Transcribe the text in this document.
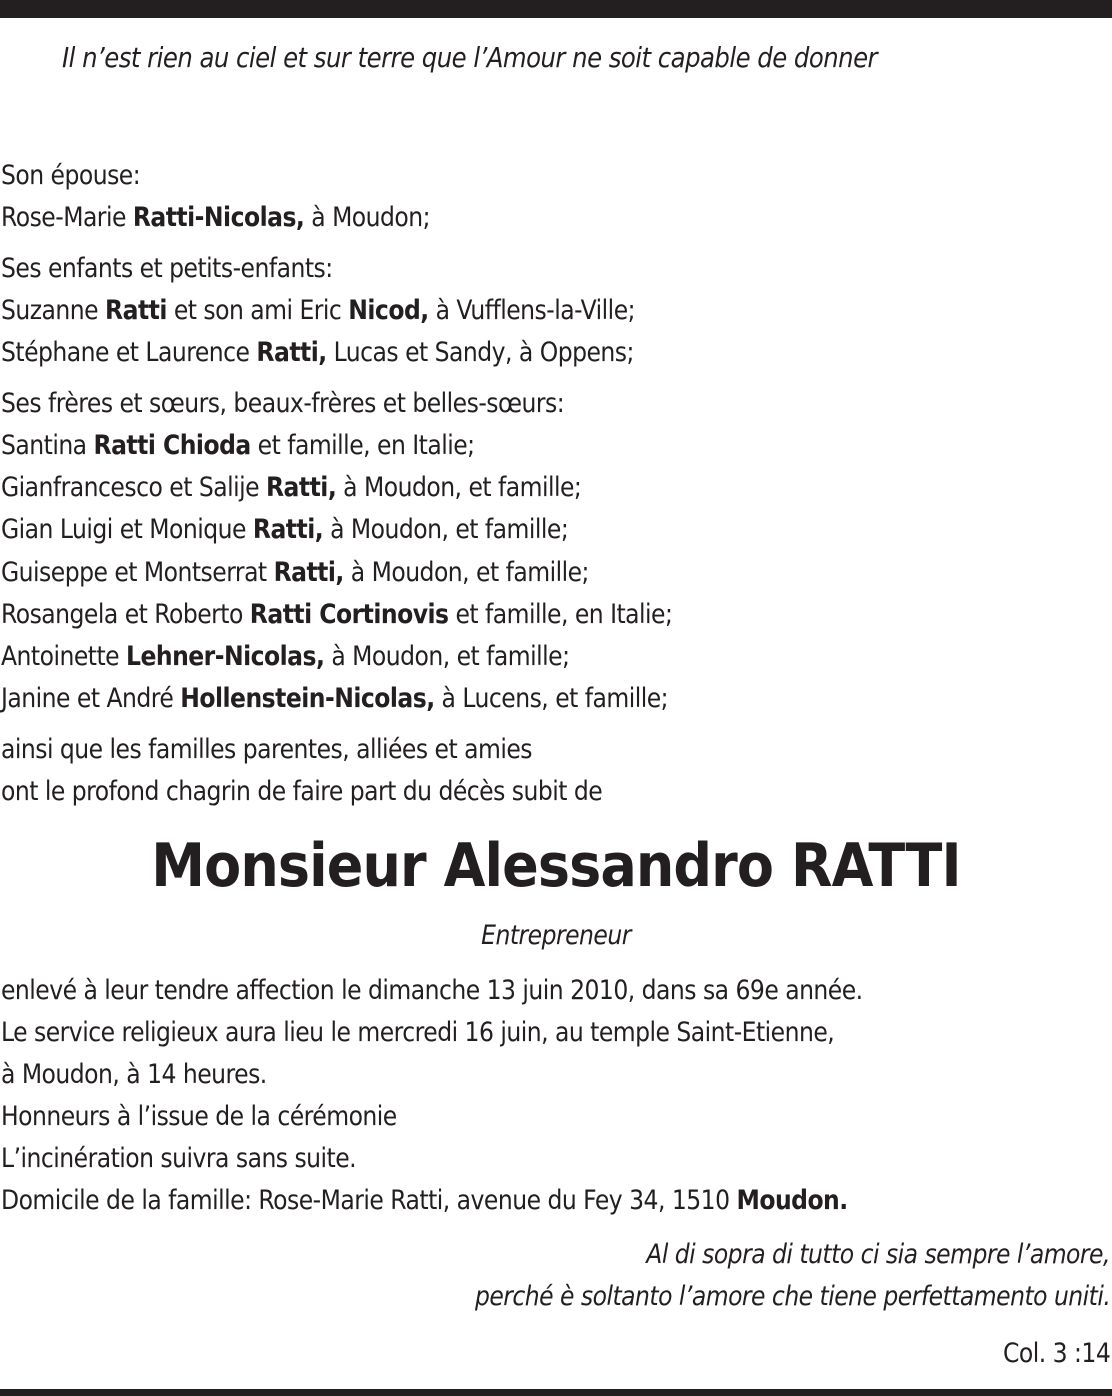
Il n’est rien au ciel et sur terre que l’Amour ne soit capable de donner
Son épouse:
Rose-Marie Ratti-Nicolas, à Moudon;
Ses enfants et petits-enfants:
Suzanne Ratti et son ami Eric Nicod, à Vufflens-la-Ville;
Stéphane et Laurence Ratti, Lucas et Sandy, à Oppens;
Ses frères et sœurs, beaux-frères et belles-sœurs:
Santina Ratti Chioda et famille, en Italie;
Gianfrancesco et Salije Ratti, à Moudon, et famille;
Gian Luigi et Monique Ratti, à Moudon, et famille;
Guiseppe et Montserrat Ratti, à Moudon, et famille;
Rosangela et Roberto Ratti Cortinovis et famille, en Italie;
Antoinette Lehner-Nicolas, à Moudon, et famille;
Janine et André Hollenstein-Nicolas, à Lucens, et famille;
ainsi que les familles parentes, alliées et amies
ont le profond chagrin de faire part du décès subit de
Monsieur Alessandro RATTI
Entrepreneur
enlevé à leur tendre affection le dimanche 13 juin 2010, dans sa 69e année.
Le service religieux aura lieu le mercredi 16 juin, au temple Saint-Etienne,
à Moudon, à 14 heures.
Honneurs à l’issue de la cérémonie
L’incinération suivra sans suite.
Domicile de la famille: Rose-Marie Ratti, avenue du Fey 34, 1510 Moudon.
Al di sopra di tutto ci sia sempre l’amore,
perché è soltanto l’amore che tiene perfettamento uniti.
Col. 3 :14
